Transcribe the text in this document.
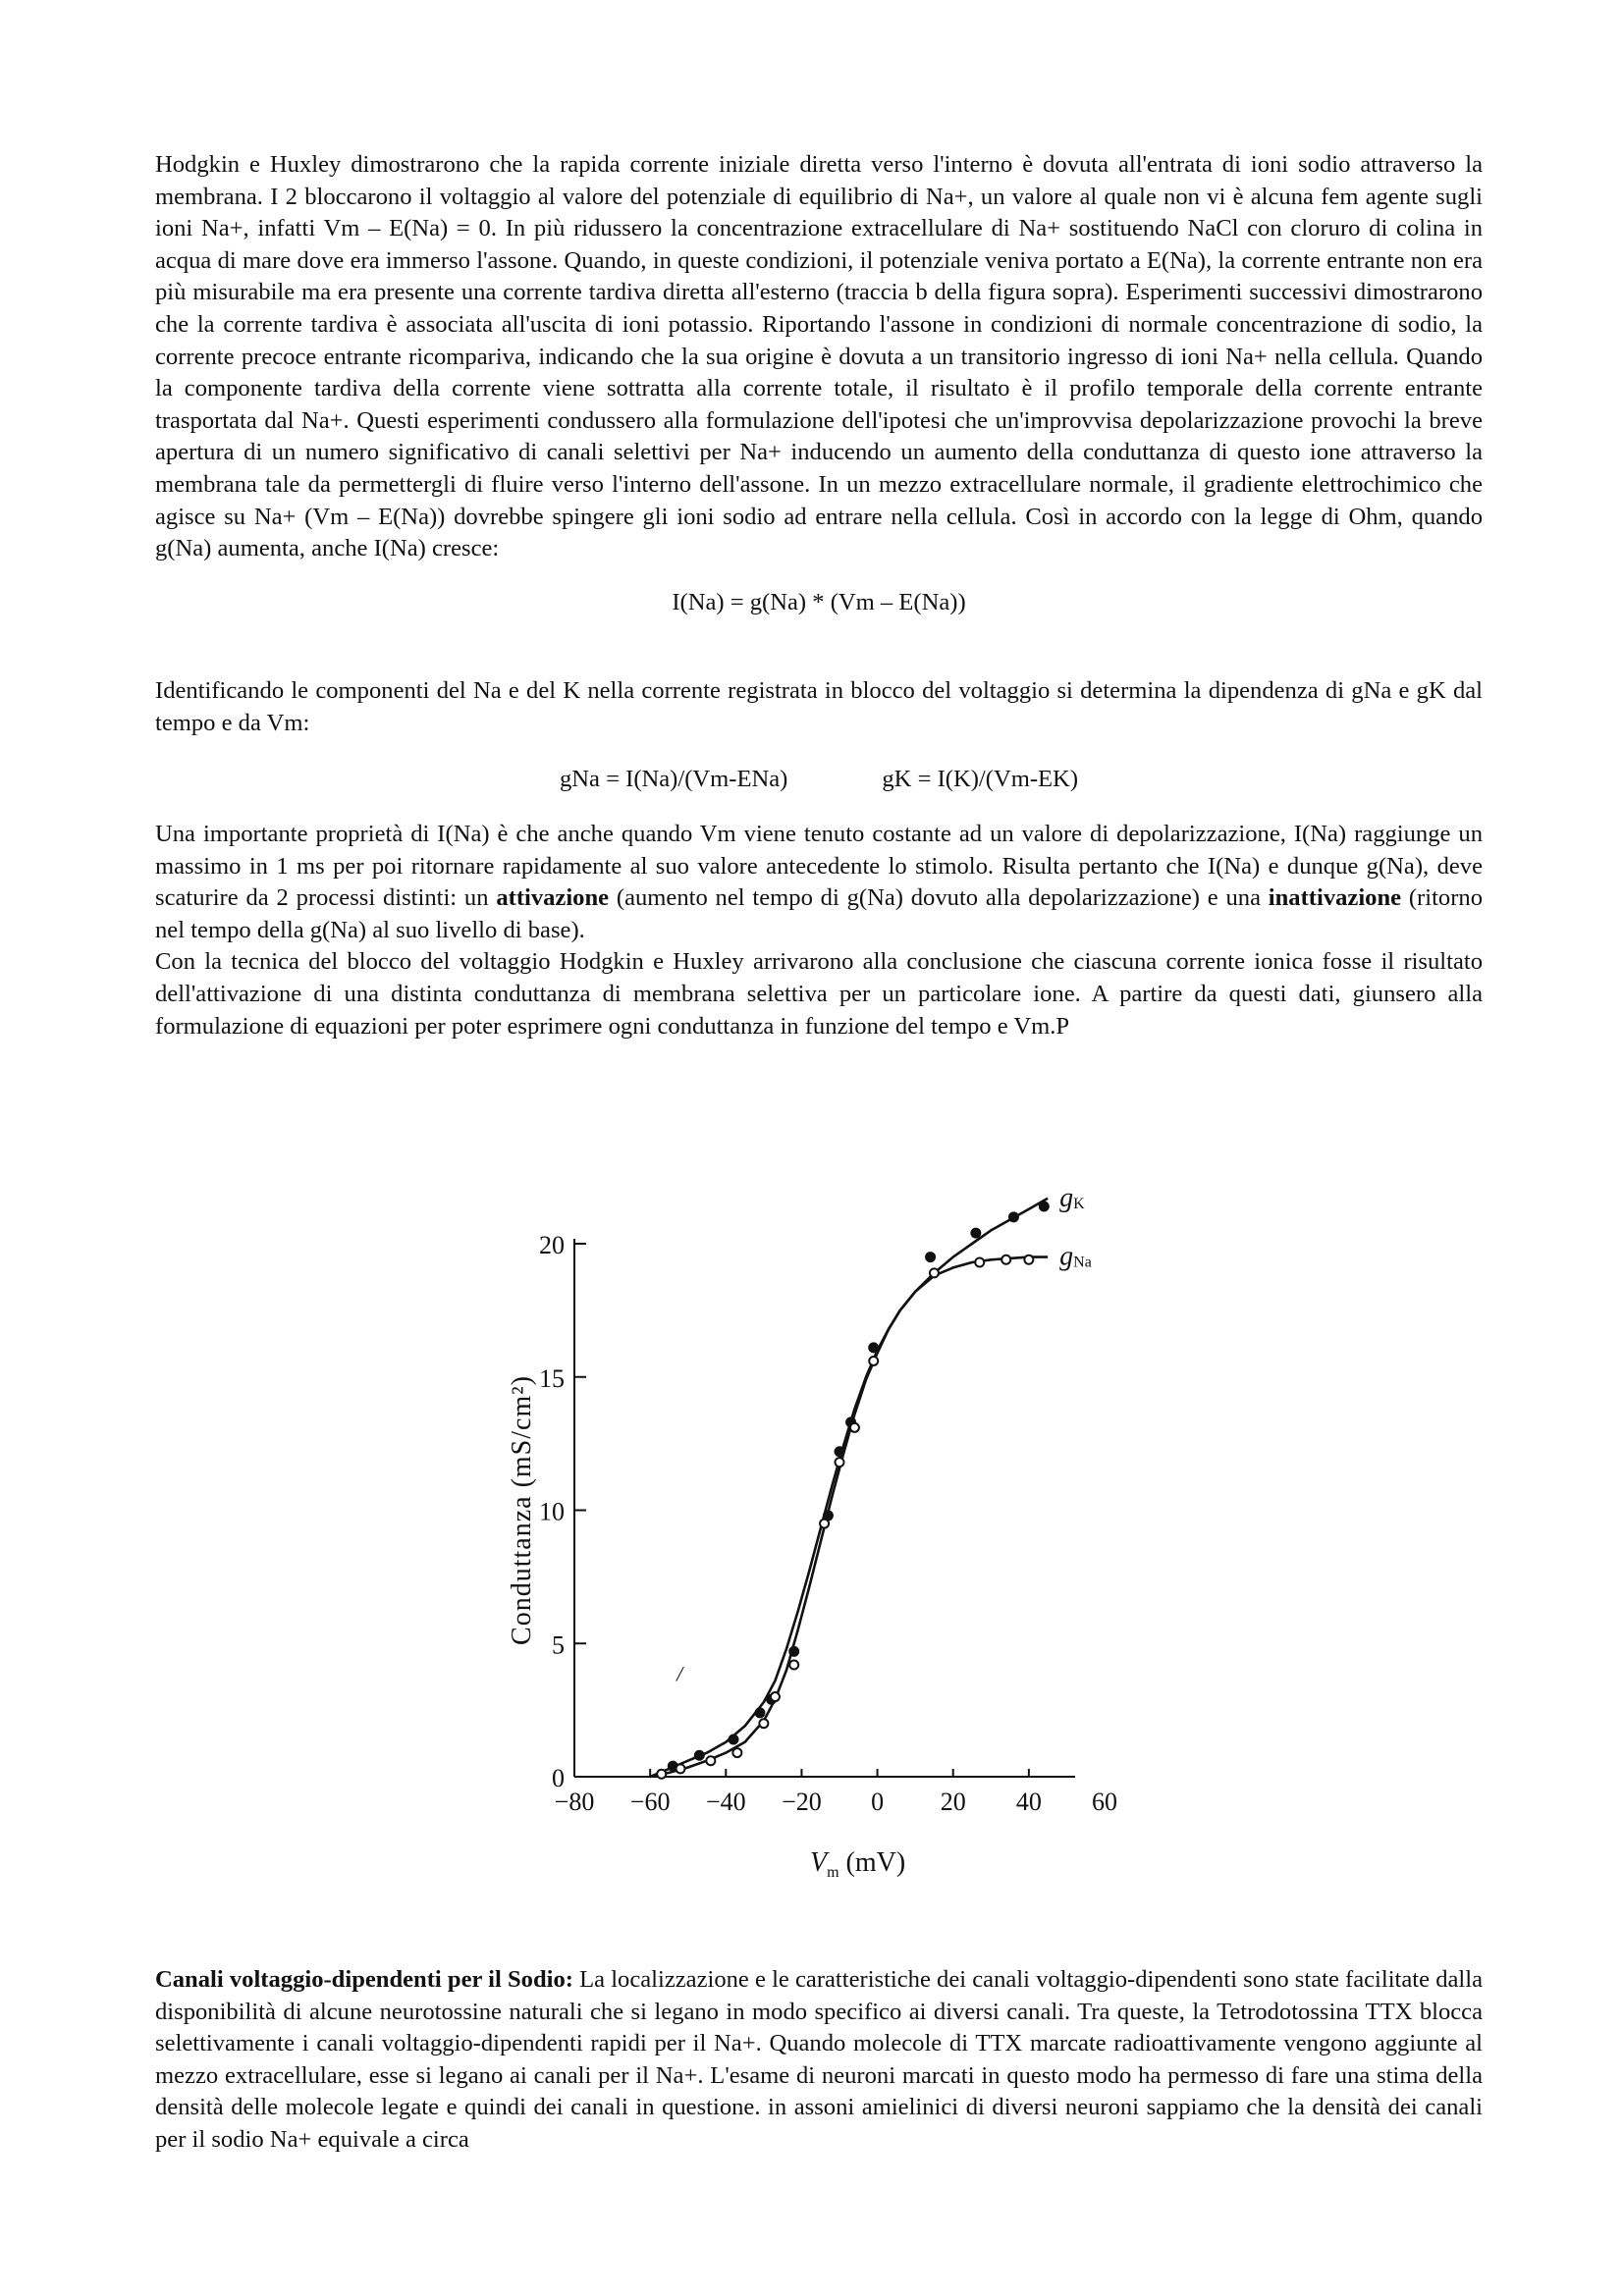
Hodgkin e Huxley dimostrarono che la rapida corrente iniziale diretta verso l'interno è dovuta all'entrata di ioni sodio attraverso la membrana. I 2 bloccarono il voltaggio al valore del potenziale di equilibrio di Na+, un valore al quale non vi è alcuna fem agente sugli ioni Na+, infatti Vm – E(Na) = 0. In più ridussero la concentrazione extracellulare di Na+ sostituendo NaCl con cloruro di colina in acqua di mare dove era immerso l'assone. Quando, in queste condizioni, il potenziale veniva portato a E(Na), la corrente entrante non era più misurabile ma era presente una corrente tardiva diretta all'esterno (traccia b della figura sopra). Esperimenti successivi dimostrarono che la corrente tardiva è associata all'uscita di ioni potassio. Riportando l'assone in condizioni di normale concentrazione di sodio, la corrente precoce entrante ricompariva, indicando che la sua origine è dovuta a un transitorio ingresso di ioni Na+ nella cellula. Quando la componente tardiva della corrente viene sottratta alla corrente totale, il risultato è il profilo temporale della corrente entrante trasportata dal Na+. Questi esperimenti condussero alla formulazione dell'ipotesi che un'improvvisa depolarizzazione provochi la breve apertura di un numero significativo di canali selettivi per Na+ inducendo un aumento della conduttanza di questo ione attraverso la membrana tale da permettergli di fluire verso l'interno dell'assone. In un mezzo extracellulare normale, il gradiente elettrochimico che agisce su Na+ (Vm – E(Na)) dovrebbe spingere gli ioni sodio ad entrare nella cellula. Così in accordo con la legge di Ohm, quando g(Na) aumenta, anche I(Na) cresce:

I(Na) = g(Na) * (Vm – E(Na))

Identificando le componenti del Na e del K nella corrente registrata in blocco del voltaggio si determina la dipendenza di gNa e gK dal tempo e da Vm:

gNa = I(Na)/(Vm-ENa)	gK = I(K)/(Vm-EK)

Una importante proprietà di I(Na) è che anche quando Vm viene tenuto costante ad un valore di depolarizzazione, I(Na) raggiunge un massimo in 1 ms per poi ritornare rapidamente al suo valore antecedente lo stimolo. Risulta pertanto che I(Na) e dunque g(Na), deve scaturire da 2 processi distinti: un attivazione (aumento nel tempo di g(Na) dovuto alla depolarizzazione) e una inattivazione (ritorno nel tempo della g(Na) al suo livello di base).

Con la tecnica del blocco del voltaggio Hodgkin e Huxley arrivarono alla conclusione che ciascuna corrente ionica fosse il risultato dell'attivazione di una distinta conduttanza di membrana selettiva per un particolare ione. A partire da questi dati, giunsero alla formulazione di equazioni per poter esprimere ogni conduttanza in funzione del tempo e Vm.P

0
5
10
15
20
−80 −60 −40 −20 0 20 40 60
gK
gNa
$V_m$ (mV)
Conduttanza (mS/cm²)
/

Canali voltaggio-dipendenti per il Sodio: La localizzazione e le caratteristiche dei canali voltaggio-dipendenti sono state facilitate dalla disponibilità di alcune neurotossine naturali che si legano in modo specifico ai diversi canali. Tra queste, la Tetrodotossina TTX blocca selettivamente i canali voltaggio-dipendenti rapidi per il Na+. Quando molecole di TTX marcate radioattivamente vengono aggiunte al mezzo extracellulare, esse si legano ai canali per il Na+. L'esame di neuroni marcati in questo modo ha permesso di fare una stima della densità delle molecole legate e quindi dei canali in questione. in assoni amielinici di diversi neuroni sappiamo che la densità dei canali per il sodio Na+ equivale a circa
